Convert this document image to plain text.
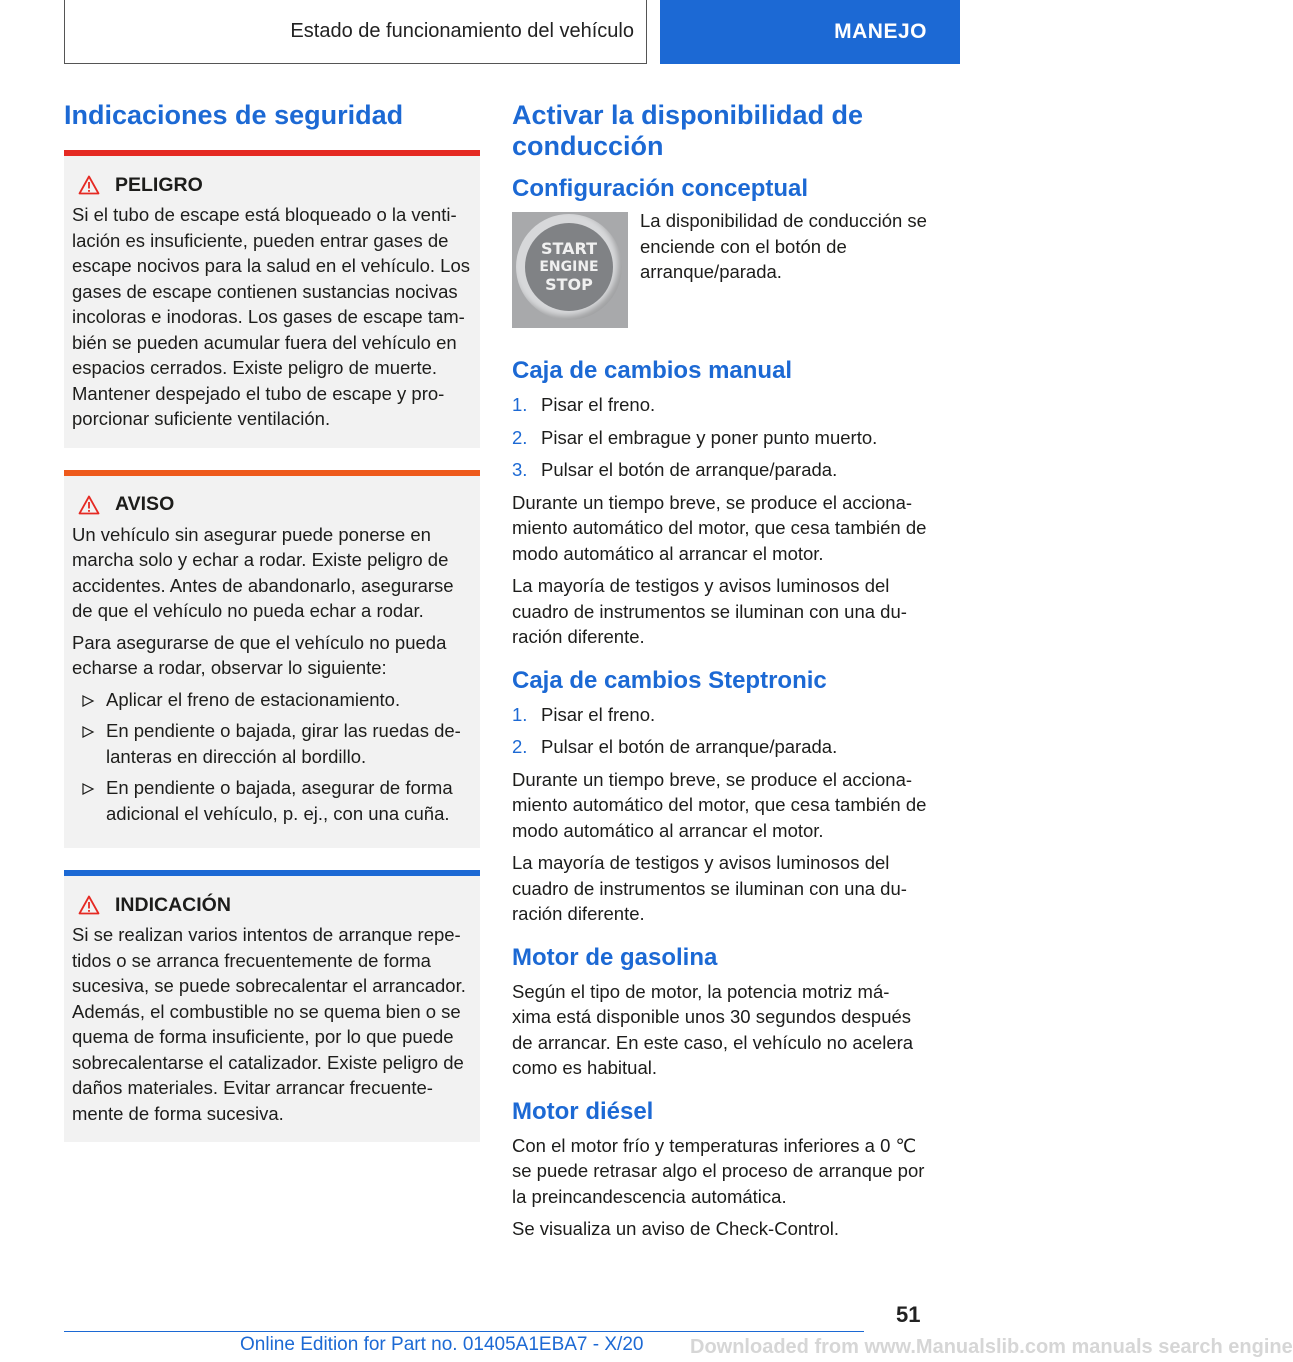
Estado de funcionamiento del vehículo	MANEJO
Indicaciones de seguridad
PELIGRO

Si el tubo de escape está bloqueado o la venti- lación es insuficiente, pueden entrar gases de escape nocivos para la salud en el vehículo. Los gases de escape contienen sustancias nocivas incoloras e inodoras. Los gases de escape tam- bién se pueden acumular fuera del vehículo en espacios cerrados. Existe peligro de muerte. Mantener despejado el tubo de escape y pro- porcionar suficiente ventilación.

AVISO

Un vehículo sin asegurar puede ponerse en marcha solo y echar a rodar. Existe peligro de accidentes. Antes de abandonarlo, asegurarse de que el vehículo no pueda echar a rodar.

Para asegurarse de que el vehículo no pueda echarse a rodar, observar lo siguiente:

Aplicar el freno de estacionamiento.
En pendiente o bajada, girar las ruedas de- lanteras en dirección al bordillo.
En pendiente o bajada, asegurar de forma adicional el vehículo, p. ej., con una cuña.
INDICACIÓN

Si se realizan varios intentos de arranque repe- tidos o se arranca frecuentemente de forma sucesiva, se puede sobrecalentar el arrancador. Además, el combustible no se quema bien o se quema de forma insuficiente, por lo que puede sobrecalentarse el catalizador. Existe peligro de daños materiales. Evitar arrancar frecuente- mente de forma sucesiva.

Activar la disponibilidad de conducción
Configuración conceptual
START
ENGINE
STOP

La disponibilidad de conducción se enciende con el botón de arranque/parada.

Caja de cambios manual
1. Pisar el freno.
2. Pisar el embrague y poner punto muerto.
3. Pulsar el botón de arranque/parada.

Durante un tiempo breve, se produce el acciona- miento automático del motor, que cesa también de modo automático al arrancar el motor.

La mayoría de testigos y avisos luminosos del cuadro de instrumentos se iluminan con una du- ración diferente.

Caja de cambios Steptronic
1. Pisar el freno.
2. Pulsar el botón de arranque/parada.

Durante un tiempo breve, se produce el acciona- miento automático del motor, que cesa también de modo automático al arrancar el motor.

La mayoría de testigos y avisos luminosos del cuadro de instrumentos se iluminan con una du- ración diferente.

Motor de gasolina

Según el tipo de motor, la potencia motriz má- xima está disponible unos 30 segundos después de arrancar. En este caso, el vehículo no acelera como es habitual.

Motor diésel

Con el motor frío y temperaturas inferiores a 0 ℃ se puede retrasar algo el proceso de arranque por la preincandescencia automática.

Se visualiza un aviso de Check-Control.

51
Online Edition for Part no. 01405A1EBA7 - X/20 Downloaded from www.Manualslib.com manuals search engine
